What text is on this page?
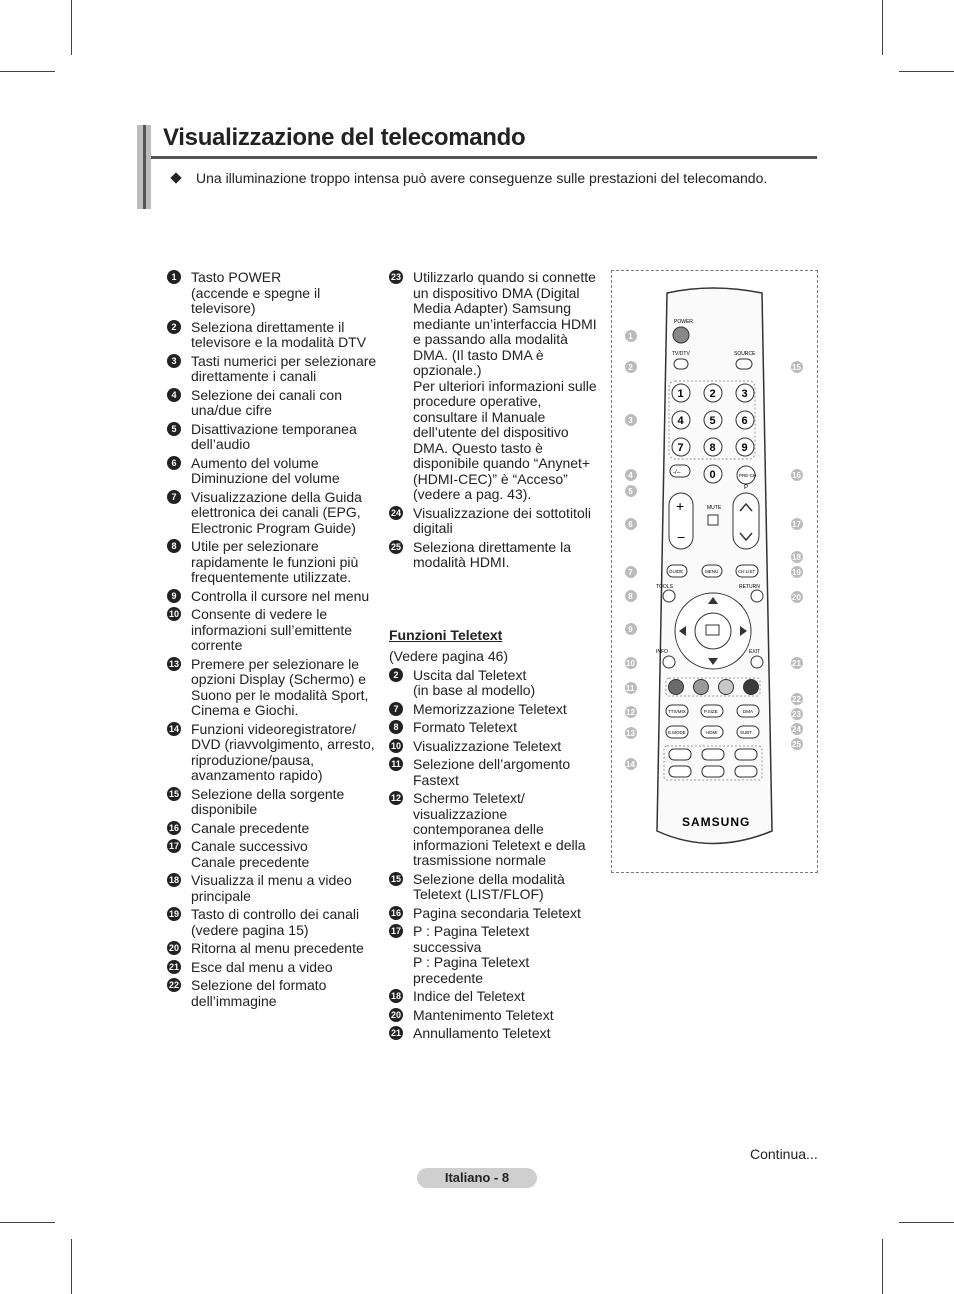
Visualizzazione del telecomando
Una illuminazione troppo intensa può avere conseguenze sulle prestazioni del telecomando.
1	Tasto POWER
(accende e spegne il televisore)
2	Seleziona direttamente il televisore e la modalità DTV
3	Tasti numerici per selezionare direttamente i canali
4	Selezione dei canali con una/due cifre
5	Disattivazione temporanea dell’audio
6	Aumento del volume
Diminuzione del volume
7	Visualizzazione della Guida elettronica dei canali (EPG, Electronic Program Guide)
8	Utile per selezionare rapidamente le funzioni più frequentemente utilizzate.
9	Controlla il cursore nel menu
10 Consente di vedere le informazioni sull’emittente corrente
13 Premere per selezionare le opzioni Display (Schermo) e Suono per le modalità Sport, Cinema e Giochi.
14 Funzioni videoregistratore/ DVD (riavvolgimento, arresto, riproduzione/pausa, avanzamento rapido)
15 Selezione della sorgente disponibile
16 Canale precedente
17 Canale successivo
Canale precedente
18 Visualizza il menu a video principale
19 Tasto di controllo dei canali (vedere pagina 15)
20 Ritorna al menu precedente
21 Esce dal menu a video
22 Selezione del formato dell’immagine
23 Utilizzarlo quando si connette un dispositivo DMA (Digital Media Adapter) Samsung mediante un’interfaccia HDMI e passando alla modalità DMA. (Il tasto DMA è opzionale.)
Per ulteriori informazioni sulle procedure operative, consultare il Manuale dell’utente del dispositivo DMA. Questo tasto è disponibile quando “Anynet+ (HDMI-CEC)” è “Acceso” (vedere a pag. 43).
24 Visualizzazione dei sottotitoli digitali
25 Seleziona direttamente la modalità HDMI.
Funzioni Teletext
(Vedere pagina 46)
2	Uscita dal Teletext
(in base al modello)
7	Memorizzazione Teletext
8	Formato Teletext
10 Visualizzazione Teletext
11 Selezione dell’argomento Fastext
12 Schermo Teletext/ visualizzazione contemporanea delle informazioni Teletext e della trasmissione normale
15 Selezione della modalità Teletext (LIST/FLOF)
16 Pagina secondaria Teletext
17 P : Pagina Teletext successiva
P : Pagina Teletext precedente
18 Indice del Teletext
20 Mantenimento Teletext
21 Annullamento Teletext
POWER
TV/DTV	SOURCE
1 2 3
4 5 6
7 8 9
0
-/--	PRE-CH
+
−
MUTE
P
GUIDE	MENU	CH LIST
TOOLS	RETURN
INFO	EXIT
TTX/MIX	P.SIZE	DMA
E.MODE	HDMI	SUBT.
SAMSUNG
1
2
3
4
5
6
7
8
9
10
11
12
13
14
15
16
17
18
19
20
21
22
23
24
25
Continua...
Italiano - 8
